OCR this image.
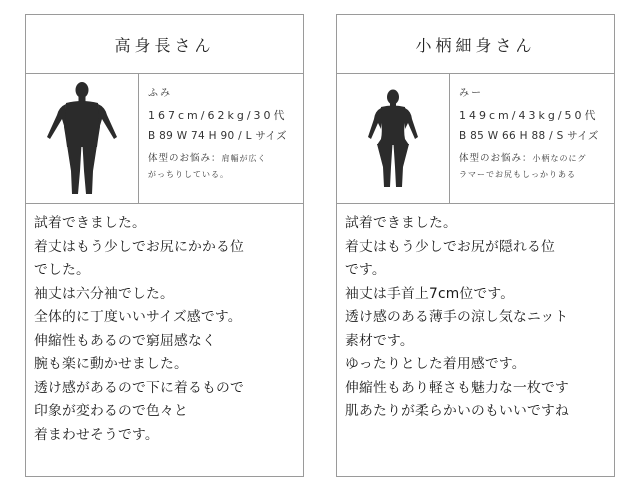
高身長さん
ふみ
167cm/62kg/30代
B 89 W 74 H 90 / L サイズ
体型のお悩み：肩幅が広く
がっちりしている。
試着できました。
着丈はもう少しでお尻にかかる位
でした。
袖丈は六分袖でした。
全体的に丁度いいサイズ感です。
伸縮性もあるので窮屈感なく
腕も楽に動かせました。
透け感があるので下に着るもので
印象が変わるので色々と
着まわせそうです。
小柄細身さん
みー
149cm/43kg/50代
B 85 W 66 H 88 / S サイズ
体型のお悩み：小柄なのにグ
ラマーでお尻もしっかりある
試着できました。
着丈はもう少しでお尻が隠れる位
です。
袖丈は手首上7cm位です。
透け感のある薄手の涼し気なニット
素材です。
ゆったりとした着用感です。
伸縮性もあり軽さも魅力な一枚です
肌あたりが柔らかいのもいいですね
